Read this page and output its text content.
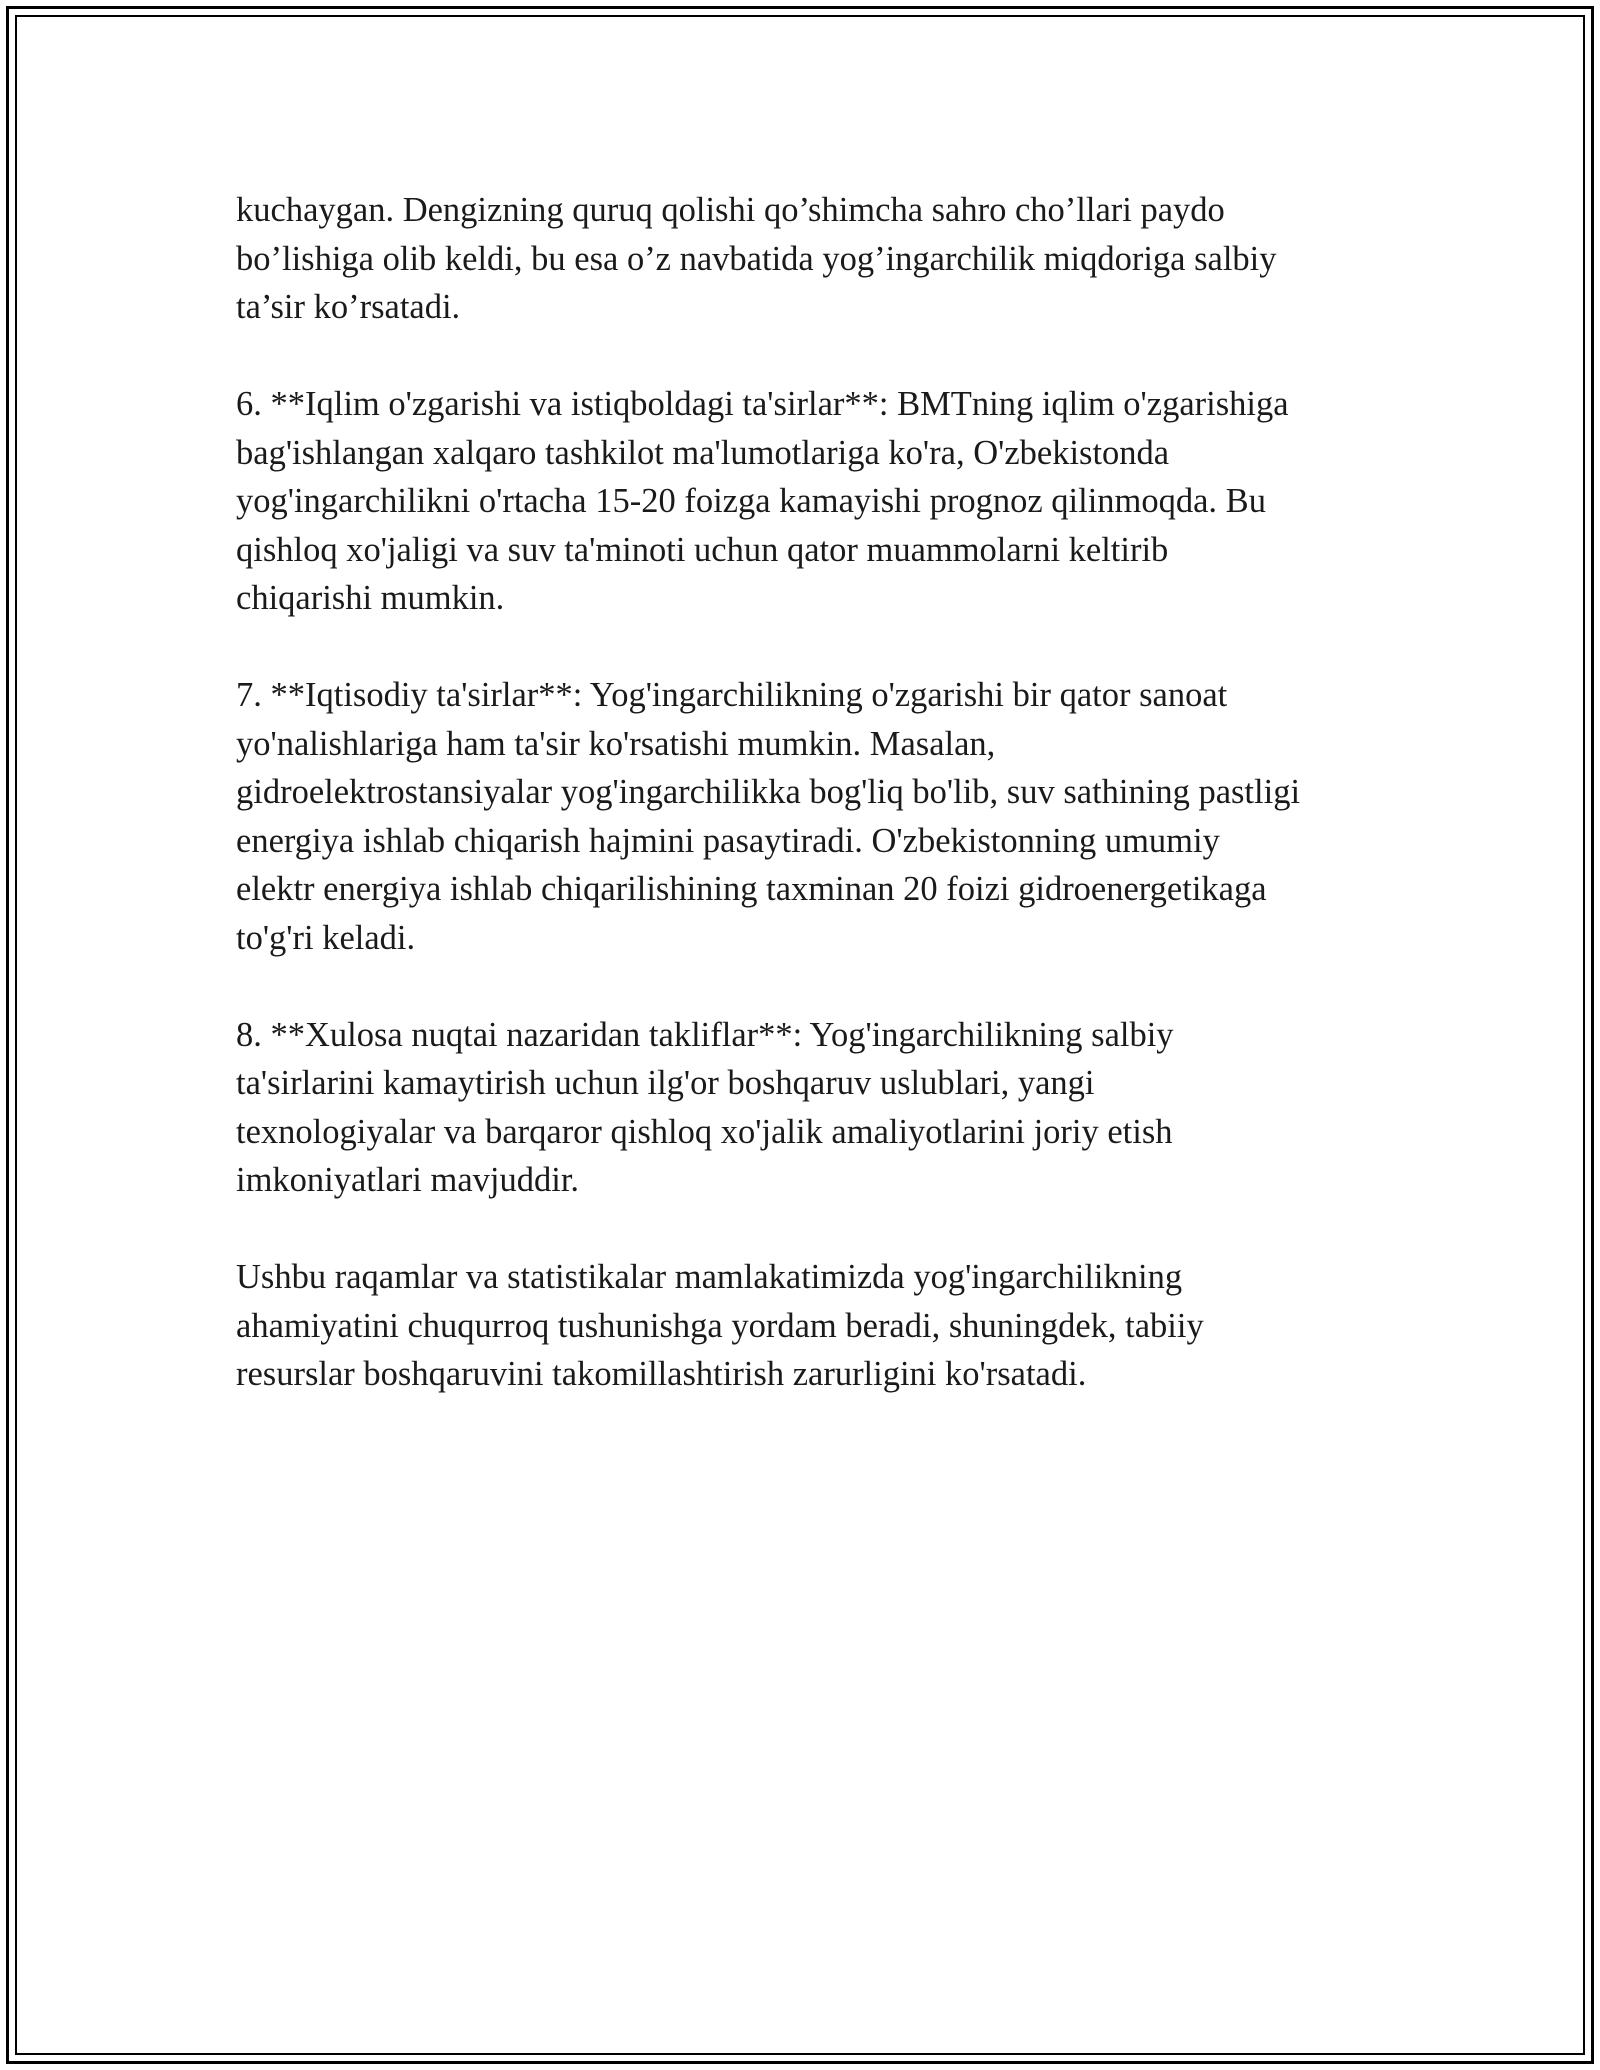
kuchaygan. Dengizning quruq qolishi qo’shimcha sahro cho’llari paydo
bo’lishiga olib keldi, bu esa o’z navbatida yog’ingarchilik miqdoriga salbiy
ta’sir ko’rsatadi.

6. **Iqlim o'zgarishi va istiqboldagi ta'sirlar**: BMTning iqlim o'zgarishiga
bag'ishlangan xalqaro tashkilot ma'lumotlariga ko'ra, O'zbekistonda
yog'ingarchilikni o'rtacha 15-20 foizga kamayishi prognoz qilinmoqda. Bu
qishloq xo'jaligi va suv ta'minoti uchun qator muammolarni keltirib
chiqarishi mumkin.

7. **Iqtisodiy ta'sirlar**: Yog'ingarchilikning o'zgarishi bir qator sanoat
yo'nalishlariga ham ta'sir ko'rsatishi mumkin. Masalan,
gidroelektrostansiyalar yog'ingarchilikka bog'liq bo'lib, suv sathining pastligi
energiya ishlab chiqarish hajmini pasaytiradi. O'zbekistonning umumiy
elektr energiya ishlab chiqarilishining taxminan 20 foizi gidroenergetikaga
to'g'ri keladi.

8. **Xulosa nuqtai nazaridan takliflar**: Yog'ingarchilikning salbiy
ta'sirlarini kamaytirish uchun ilg'or boshqaruv uslublari, yangi
texnologiyalar va barqaror qishloq xo'jalik amaliyotlarini joriy etish
imkoniyatlari mavjuddir.

Ushbu raqamlar va statistikalar mamlakatimizda yog'ingarchilikning
ahamiyatini chuqurroq tushunishga yordam beradi, shuningdek, tabiiy
resurslar boshqaruvini takomillashtirish zarurligini ko'rsatadi.
